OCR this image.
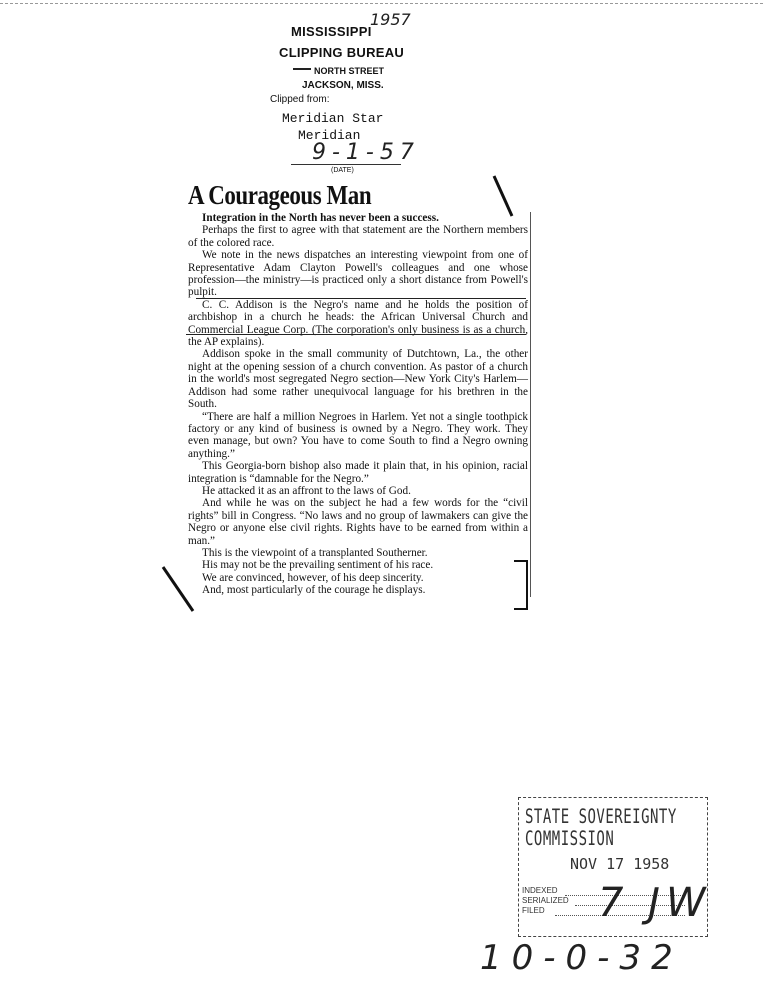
MISSISSIPPI
1957
CLIPPING BUREAU
NORTH STREET
JACKSON, MISS.
Clipped from:
Meridian Star
Meridian
9-1-57
(DATE)
A Courageous Man

Integration in the North has never been a success.

Perhaps the first to agree with that statement are the Northern members of the colored race.

We note in the news dispatches an interesting viewpoint from one of Representative Adam Clayton Powell's colleagues and one whose profession—the ministry—is practiced only a short distance from Powell's pulpit.

C. C. Addison is the Negro's name and he holds the position of archbishop in a church he heads: the African Universal Church and Commercial League Corp. (The corporation's only business is as a church, the AP explains).

Addison spoke in the small community of Dutchtown, La., the other night at the opening session of a church convention. As pastor of a church in the world's most segregated Negro section—New York City's Harlem—Addison had some rather unequivocal language for his brethren in the South.

“There are half a million Negroes in Harlem. Yet not a single toothpick factory or any kind of business is owned by a Negro. They work. They even manage, but own? You have to come South to find a Negro owning anything.”

This Georgia-born bishop also made it plain that, in his opinion, racial integration is “damnable for the Negro.”

He attacked it as an affront to the laws of God.

And while he was on the subject he had a few words for the “civil rights” bill in Congress. “No laws and no group of lawmakers can give the Negro or anyone else civil rights. Rights have to be earned from within a man.”

This is the viewpoint of a transplanted Southerner.

His may not be the prevailing sentiment of his race.

We are convinced, however, of his deep sincerity.

And, most particularly of the courage he displays.

STATE SOVEREIGNTY COMMISSION
NOV 17 1958
INDEXED
SERIALIZED
FILED 7 JW
10-0-32
